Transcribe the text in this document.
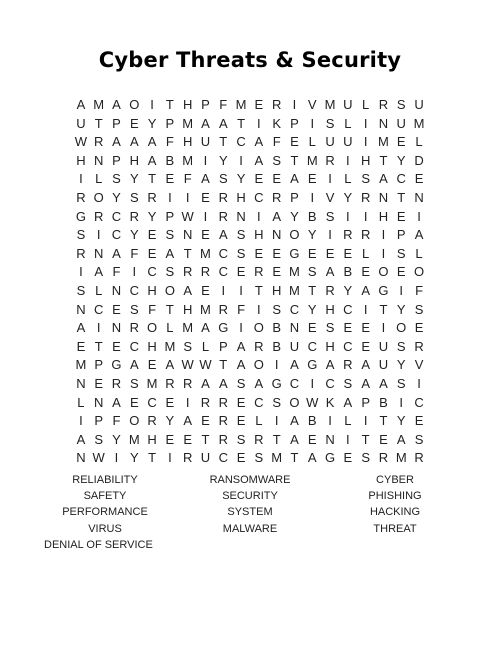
Cyber Threats & Security
A M A O I T H P F M E R I V M U L R S U
U T P E Y P M A A T I K P I S L I N U M
W R A A A F H U T C A F E L U U I M E L
H N P H A B M I Y I A S T M R I H T Y D
I L S Y T E F A S Y E E A E I L S A C E
R O Y S R I	I E R H C R P I V Y R N T N
G R C R Y P W I R N I A Y B S I	I H E I
S I C Y E S N E A S H N O Y I R R I P A
R N A F E A T M C S E E G E E E L I S L
I A F I C S R R C E R E M S A B E O E O
S L N C H O A E I	I T H M T R Y A G I F
N C E S F T H M R F I S C Y H C I T Y S
A I N R O L M A G I O B N E S E E I O E
E T E C H M S L P A R B U C H C E U S R
M P G A E A W W T A O I A G A R A U Y V
N E R S M R R A A S A G C I C S A A S I
L N A E C E I R R E C S O W K A P B I C
I P F O R Y A E R E L I A B I L I T Y E
A S Y M H E E T R S R T A E N I T E A S
N W I Y T I R U C E S M T A G E S R M R
RELIABILITY
SAFETY
PERFORMANCE
VIRUS
DENIAL OF SERVICE
RANSOMWARE
SECURITY
SYSTEM
MALWARE
CYBER
PHISHING
HACKING
THREAT
